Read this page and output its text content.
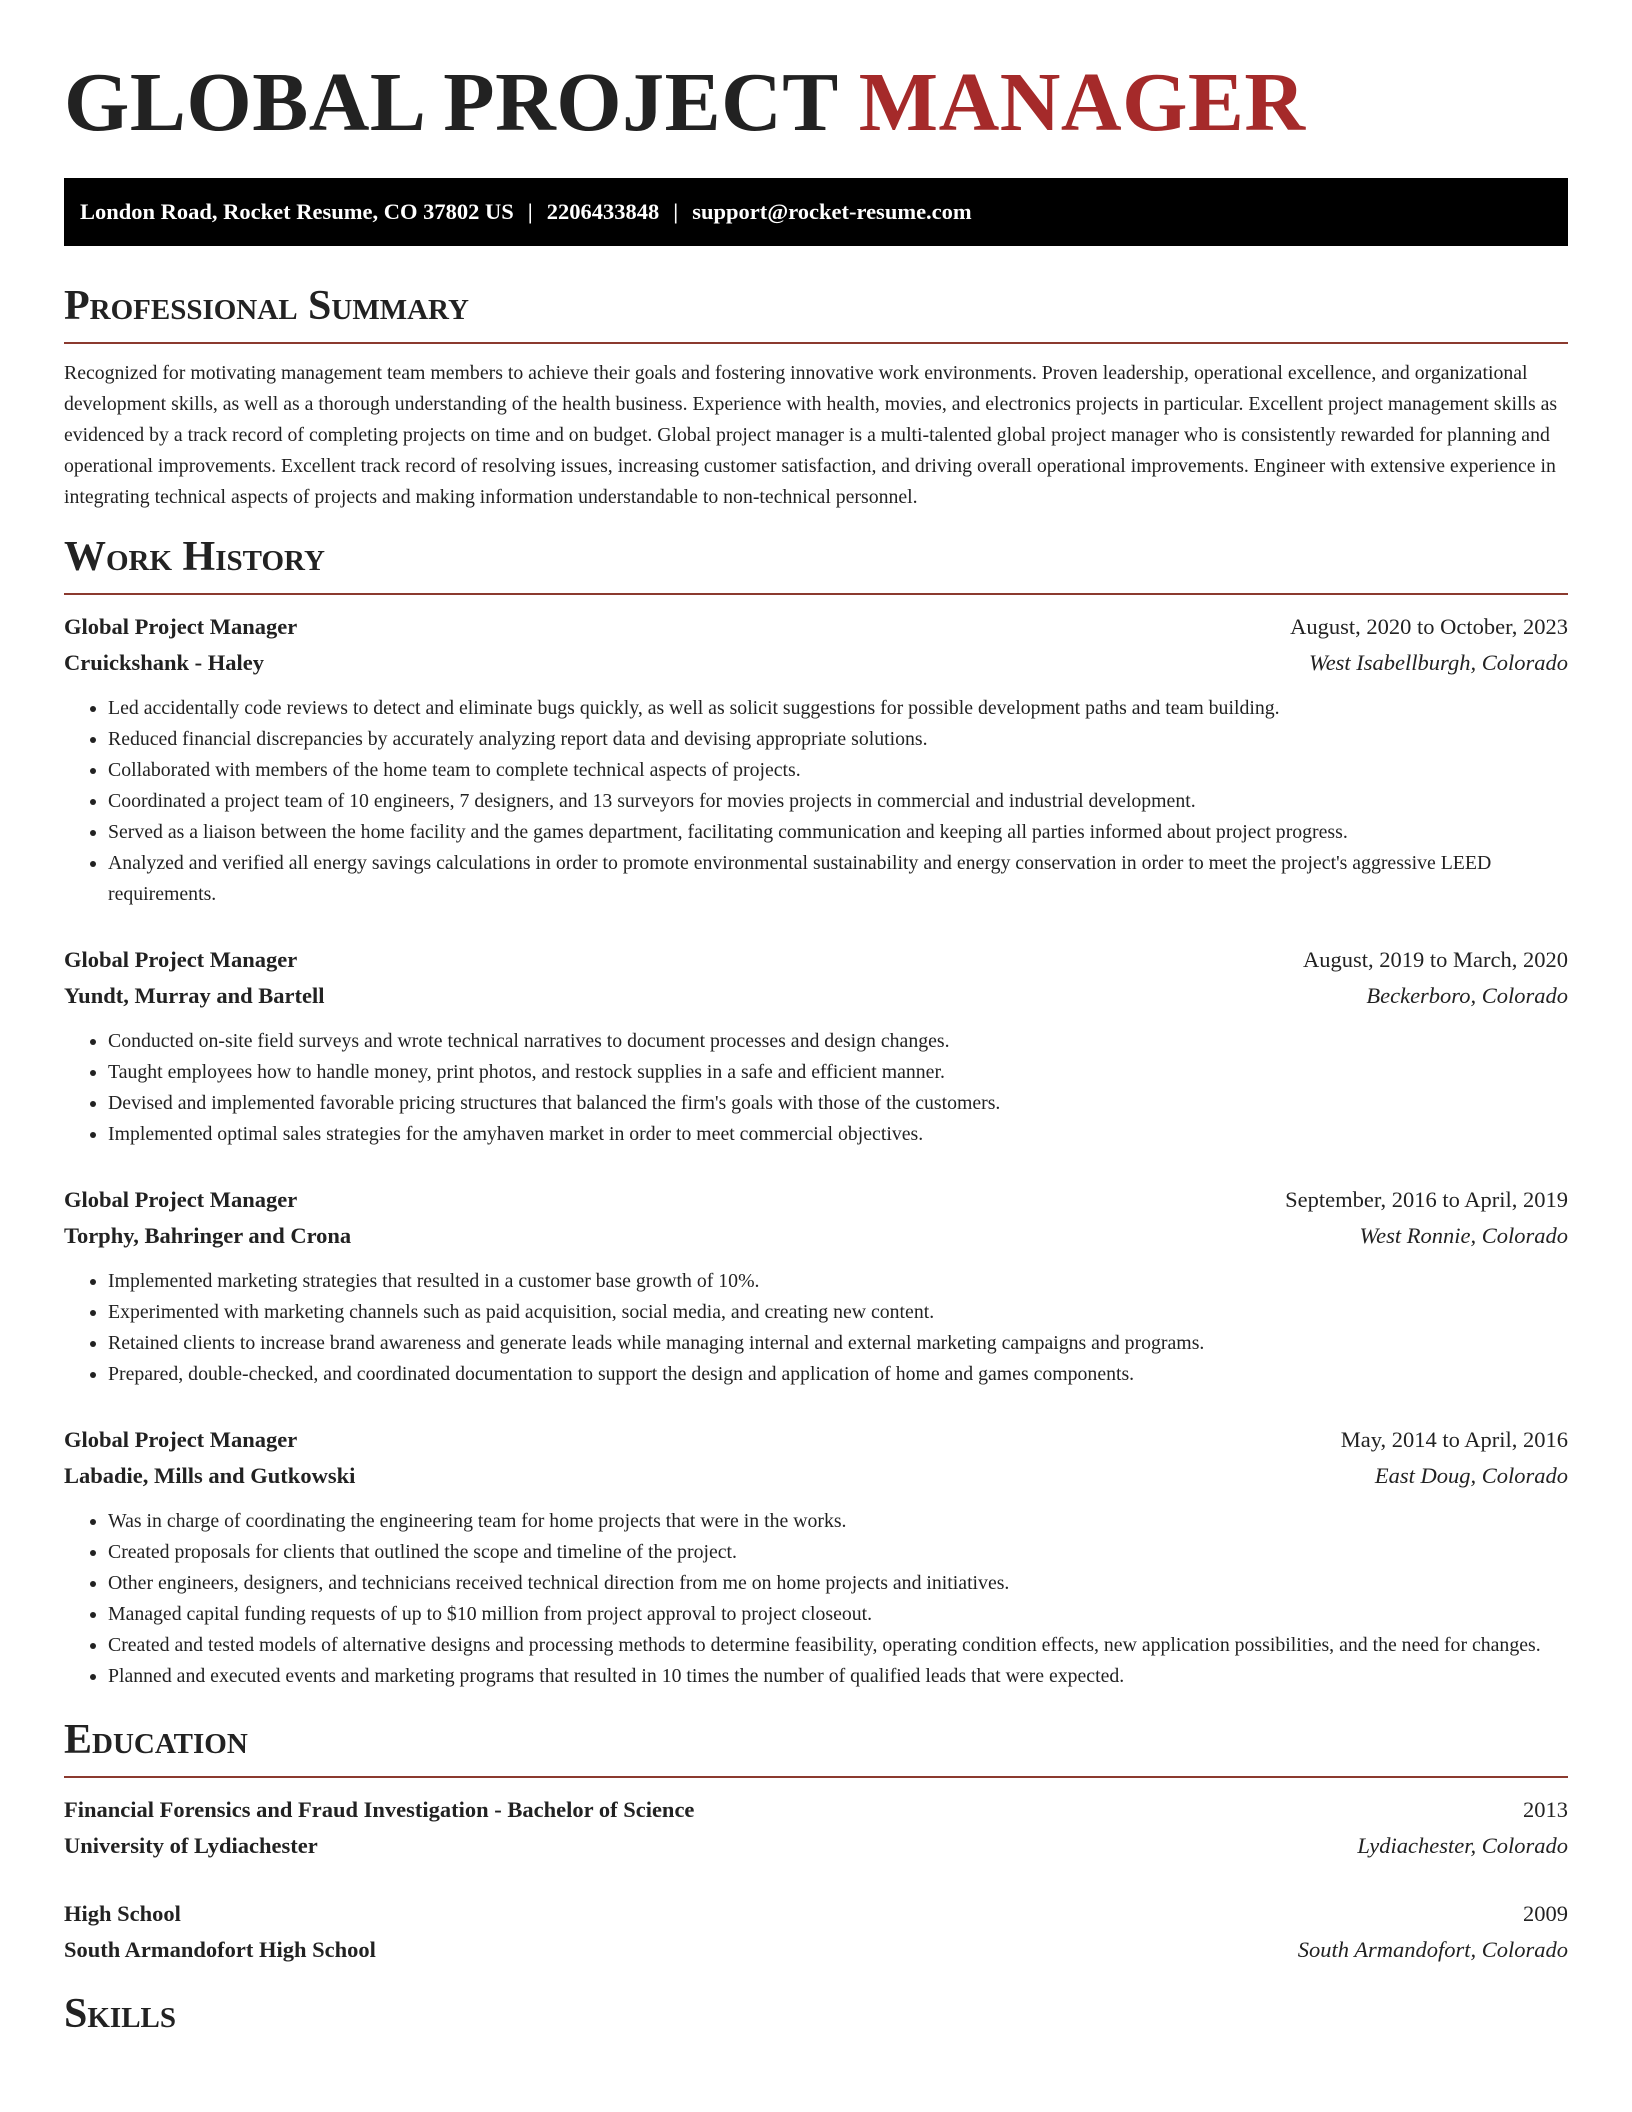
GLOBAL PROJECT MANAGER
London Road, Rocket Resume, CO 37802 US | 2206433848 | support@rocket-resume.com
Professional Summary

Recognized for motivating management team members to achieve their goals and fostering innovative work environments. Proven leadership, operational excellence, and organizational development skills, as well as a thorough understanding of the health business. Experience with health, movies, and electronics projects in particular. Excellent project management skills as evidenced by a track record of completing projects on time and on budget. Global project manager is a multi-talented global project manager who is consistently rewarded for planning and operational improvements. Excellent track record of resolving issues, increasing customer satisfaction, and driving overall operational improvements. Engineer with extensive experience in integrating technical aspects of projects and making information understandable to non-technical personnel.

Work History
Global Project Manager	August, 2020 to October, 2023
Cruickshank - Haley	West Isabellburgh, Colorado
• Led accidentally code reviews to detect and eliminate bugs quickly, as well as solicit suggestions for possible development paths and team building.
• Reduced financial discrepancies by accurately analyzing report data and devising appropriate solutions.
• Collaborated with members of the home team to complete technical aspects of projects.
• Coordinated a project team of 10 engineers, 7 designers, and 13 surveyors for movies projects in commercial and industrial development.
• Served as a liaison between the home facility and the games department, facilitating communication and keeping all parties informed about project progress.
• Analyzed and verified all energy savings calculations in order to promote environmental sustainability and energy conservation in order to meet the project's aggressive LEED requirements.
Global Project Manager	August, 2019 to March, 2020
Yundt, Murray and Bartell	Beckerboro, Colorado
• Conducted on-site field surveys and wrote technical narratives to document processes and design changes.
• Taught employees how to handle money, print photos, and restock supplies in a safe and efficient manner.
• Devised and implemented favorable pricing structures that balanced the firm's goals with those of the customers.
• Implemented optimal sales strategies for the amyhaven market in order to meet commercial objectives.
Global Project Manager	September, 2016 to April, 2019
Torphy, Bahringer and Crona	West Ronnie, Colorado
• Implemented marketing strategies that resulted in a customer base growth of 10%.
• Experimented with marketing channels such as paid acquisition, social media, and creating new content.
• Retained clients to increase brand awareness and generate leads while managing internal and external marketing campaigns and programs.
• Prepared, double-checked, and coordinated documentation to support the design and application of home and games components.
Global Project Manager	May, 2014 to April, 2016
Labadie, Mills and Gutkowski	East Doug, Colorado
• Was in charge of coordinating the engineering team for home projects that were in the works.
• Created proposals for clients that outlined the scope and timeline of the project.
• Other engineers, designers, and technicians received technical direction from me on home projects and initiatives.
• Managed capital funding requests of up to $10 million from project approval to project closeout.
• Created and tested models of alternative designs and processing methods to determine feasibility, operating condition effects, new application possibilities, and the need for changes.
• Planned and executed events and marketing programs that resulted in 10 times the number of qualified leads that were expected.
Education
Financial Forensics and Fraud Investigation - Bachelor of Science	2013
University of Lydiachester	Lydiachester, Colorado
High School	2009
South Armandofort High School	South Armandofort, Colorado
Skills
